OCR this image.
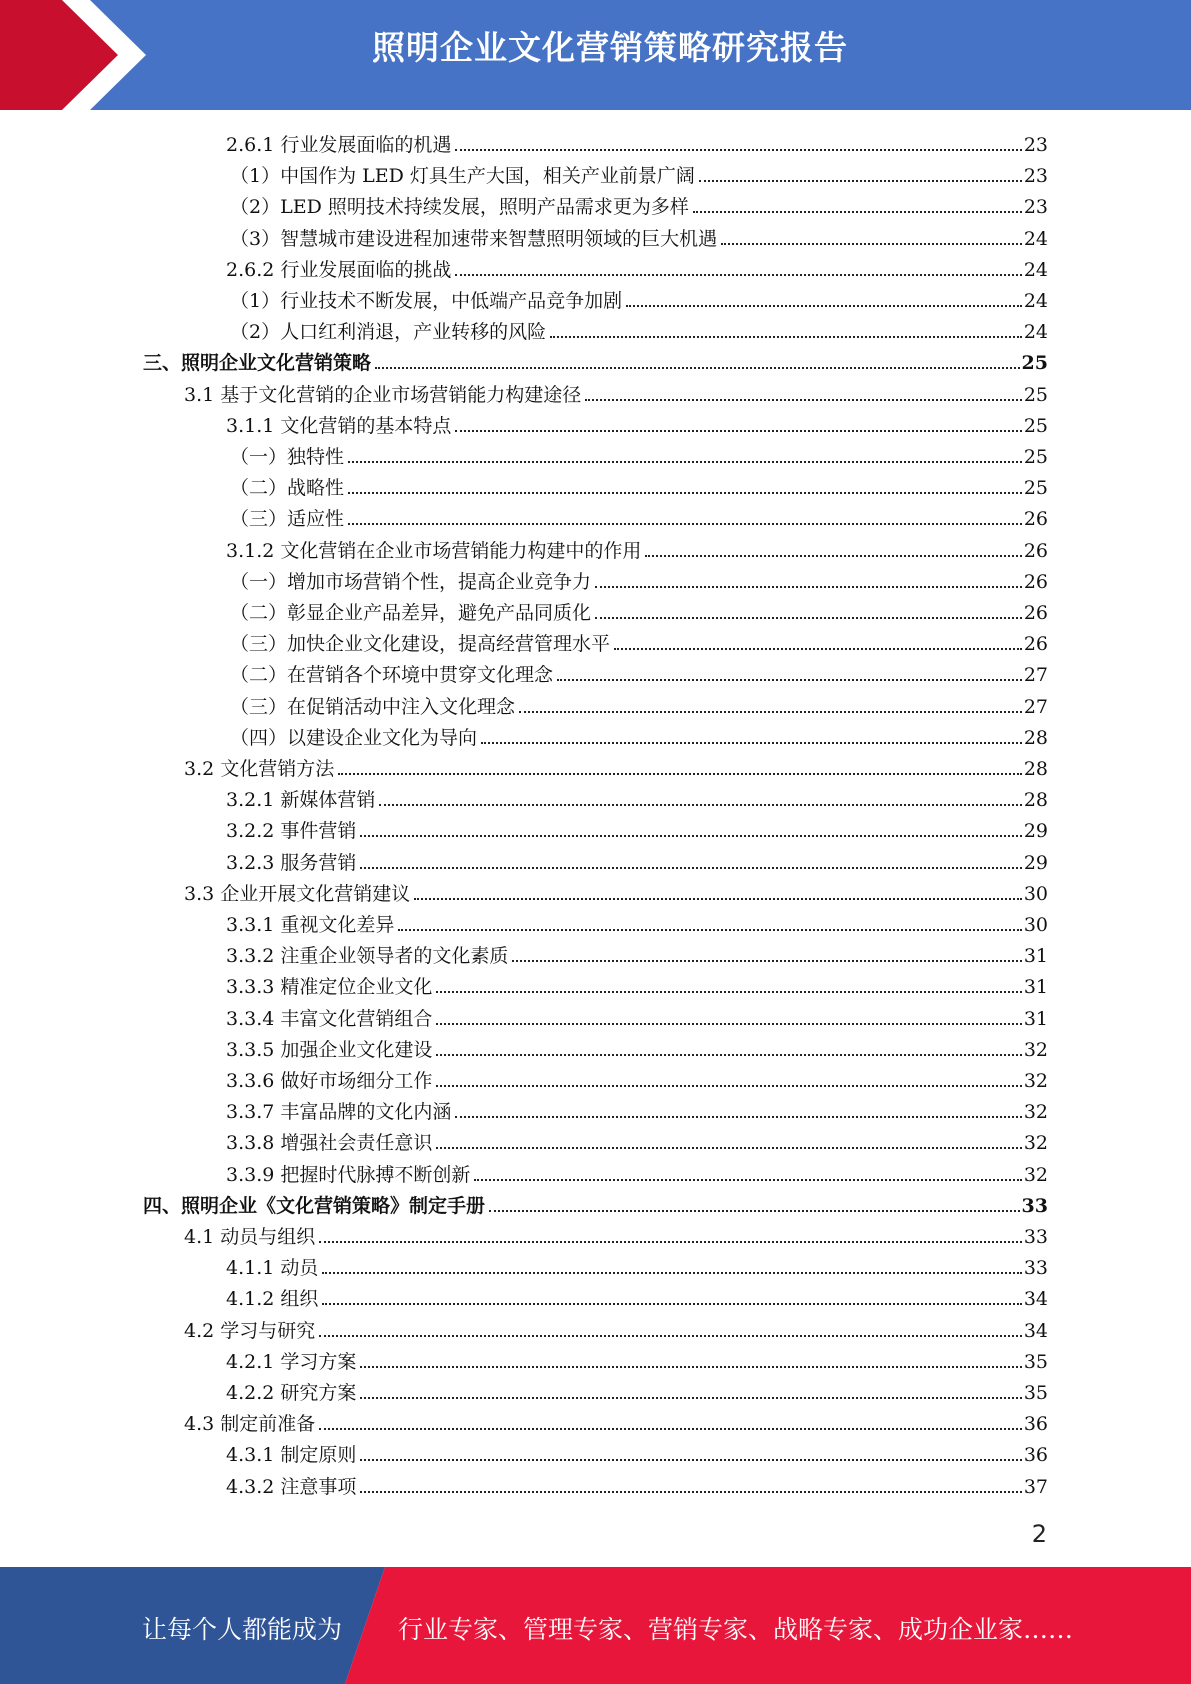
照明企业文化营销策略研究报告
2.6.1 行业发展面临的机遇	23
（1）中国作为 LED 灯具生产大国，相关产业前景广阔	23
（2）LED 照明技术持续发展，照明产品需求更为多样	23
（3）智慧城市建设进程加速带来智慧照明领域的巨大机遇	24
2.6.2 行业发展面临的挑战	24
（1）行业技术不断发展，中低端产品竞争加剧	24
（2）人口红利消退，产业转移的风险	24
三、照明企业文化营销策略	25
3.1 基于文化营销的企业市场营销能力构建途径	25
3.1.1 文化营销的基本特点	25
（一）独特性	25
（二）战略性	25
（三）适应性	26
3.1.2 文化营销在企业市场营销能力构建中的作用	26
（一）增加市场营销个性，提高企业竞争力	26
（二）彰显企业产品差异，避免产品同质化	26
（三）加快企业文化建设，提高经营管理水平	26
（二）在营销各个环境中贯穿文化理念	27
（三）在促销活动中注入文化理念	27
（四）以建设企业文化为导向	28
3.2 文化营销方法	28
3.2.1 新媒体营销	28
3.2.2 事件营销	29
3.2.3 服务营销	29
3.3 企业开展文化营销建议	30
3.3.1 重视文化差异	30
3.3.2 注重企业领导者的文化素质	31
3.3.3 精准定位企业文化	31
3.3.4 丰富文化营销组合	31
3.3.5 加强企业文化建设	32
3.3.6 做好市场细分工作	32
3.3.7 丰富品牌的文化内涵	32
3.3.8 增强社会责任意识	32
3.3.9 把握时代脉搏不断创新	32
四、照明企业《文化营销策略》制定手册	33
4.1 动员与组织	33
4.1.1 动员	33
4.1.2 组织	34
4.2 学习与研究	34
4.2.1 学习方案	35
4.2.2 研究方案	35
4.3 制定前准备	36
4.3.1 制定原则	36
4.3.2 注意事项	37
2
让每个人都能成为 行业专家、管理专家、营销专家、战略专家、成功企业家……
